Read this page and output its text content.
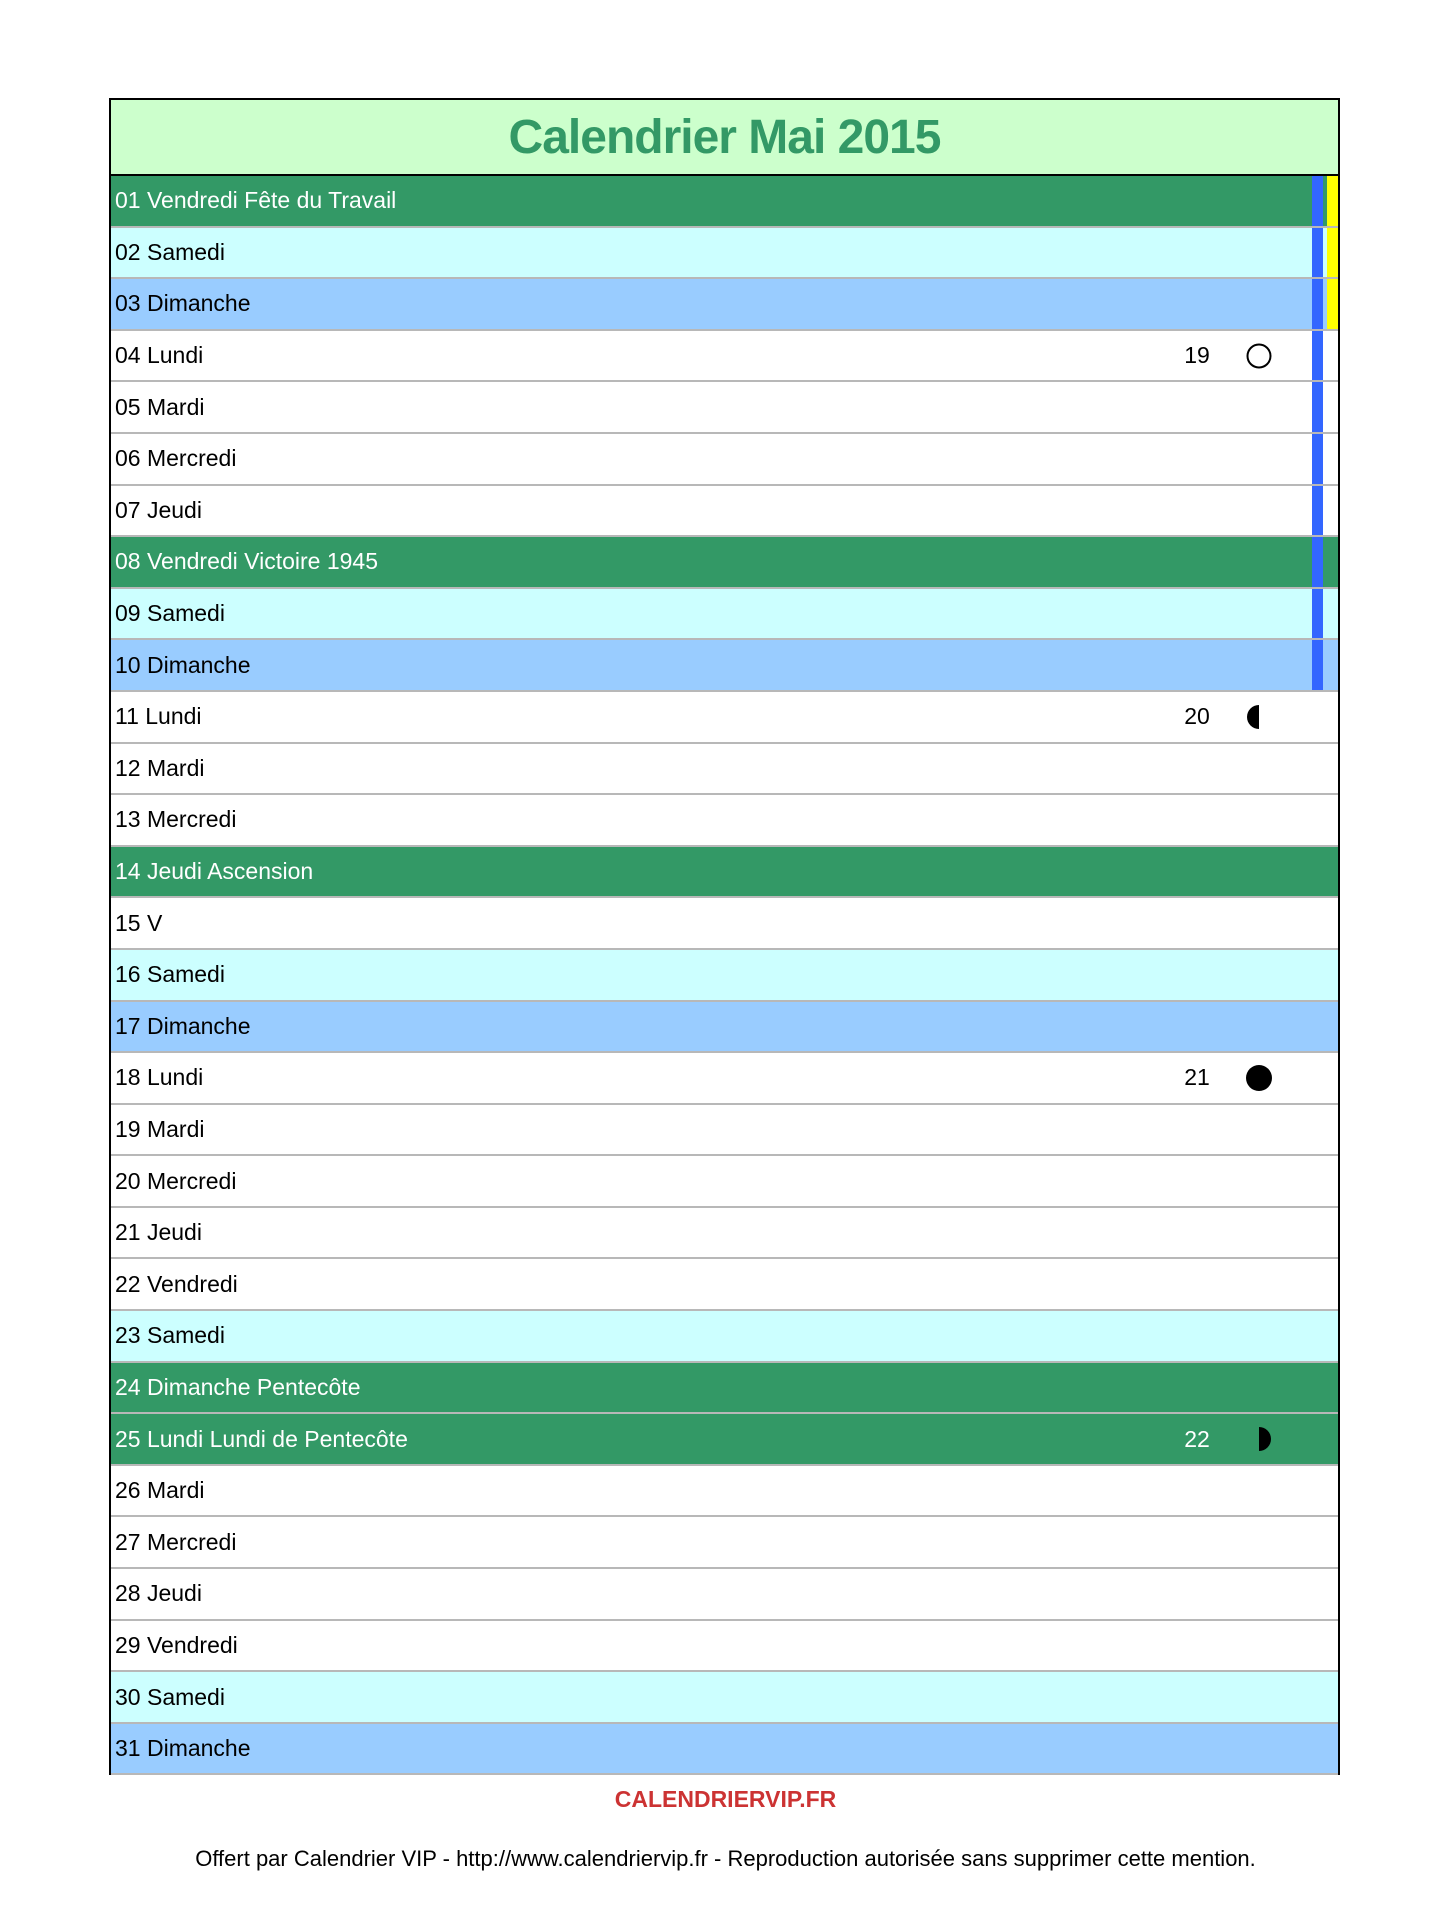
Calendrier Mai 2015
01 Vendredi Fête du Travail
02 Samedi
03 Dimanche
04 Lundi	19
05 Mardi
06 Mercredi
07 Jeudi
08 Vendredi Victoire 1945
09 Samedi
10 Dimanche
11 Lundi	20
12 Mardi
13 Mercredi
14 Jeudi Ascension
15 V
16 Samedi
17 Dimanche
18 Lundi	21
19 Mardi
20 Mercredi
21 Jeudi
22 Vendredi
23 Samedi
24 Dimanche Pentecôte
25 Lundi Lundi de Pentecôte	22
26 Mardi
27 Mercredi
28 Jeudi
29 Vendredi
30 Samedi
31 Dimanche
CALENDRIERVIP.FR
Offert par Calendrier VIP - http://www.calendriervip.fr - Reproduction autorisée sans supprimer cette mention.
